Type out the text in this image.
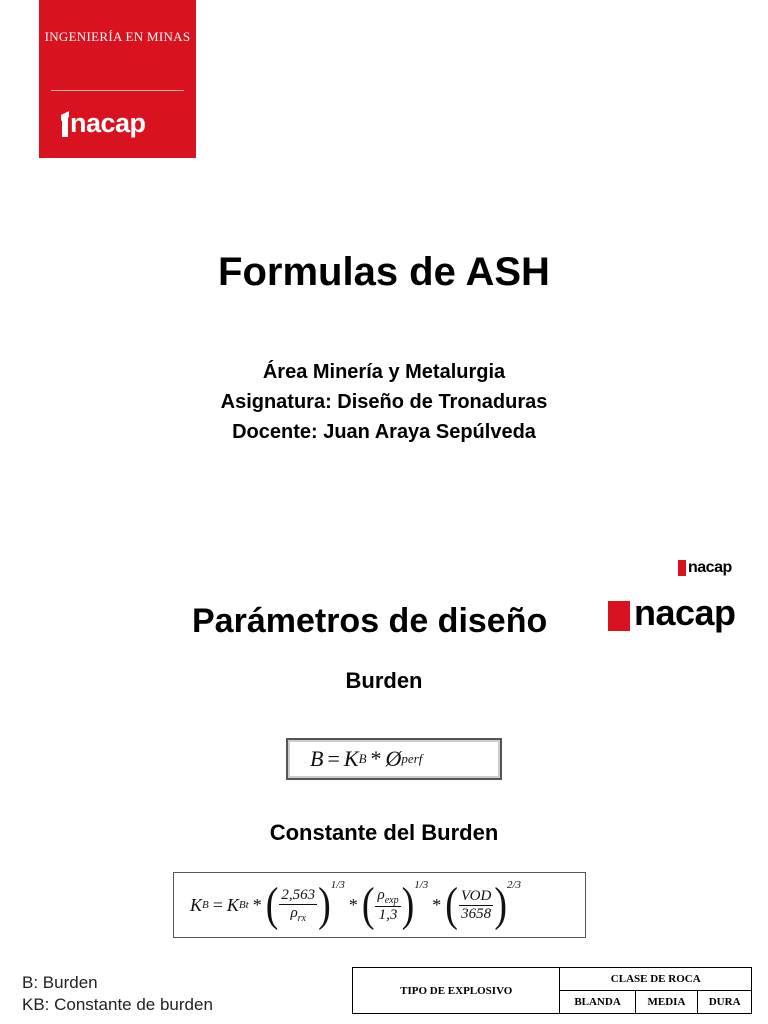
INGENIERÍA EN MINAS
nacap
Formulas de ASH
Área Minería y Metalurgia
Asignatura: Diseño de Tronaduras
Docente: Juan Araya Sepúlveda
nacap
nacap
Parámetros de diseño
Burden
B = K B * Ø perf
Constante del Burden
K B = K Bt * ( $\frac{2,563}{\rho_{rx}}$ ) 1/3
* ( $\frac{\rho_{exp}}{1,3}$ ) 1/3
* ( $\frac{\text{VOD}}{3658}$ ) 2/3
B: Burden
KB: Constante de burden
TIPO DE EXPLOSIVO	CLASE DE ROCA		
	BLANDA	MEDIA	DURA
